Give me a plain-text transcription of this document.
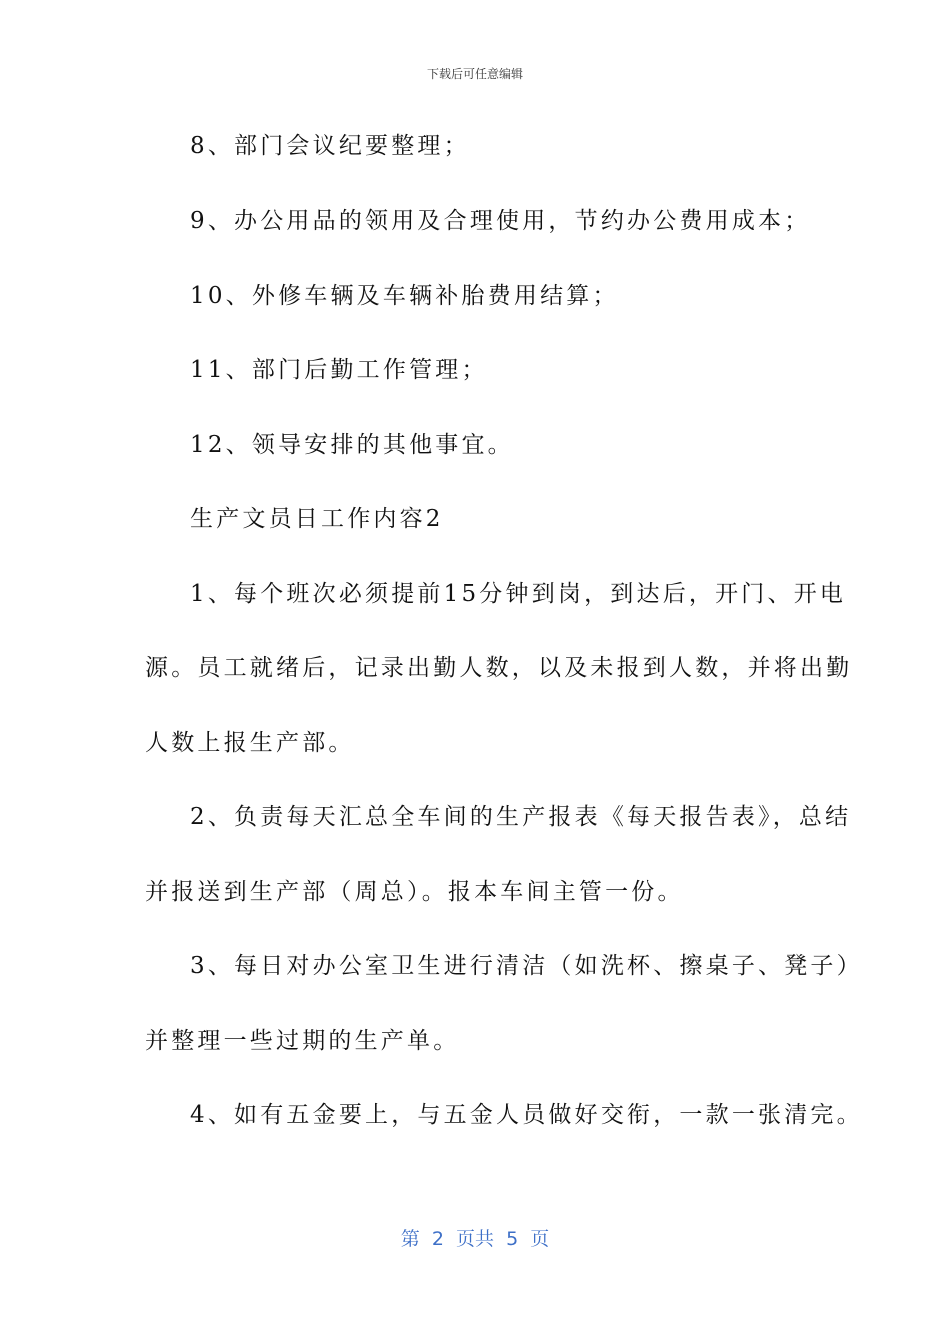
下载后可任意编辑
8、部门会议纪要整理；
9、办公用品的领用及合理使用，节约办公费用成本；
10、外修车辆及车辆补胎费用结算；
11、部门后勤工作管理；
12、领导安排的其他事宜。
生产文员日工作内容2
1、每个班次必须提前15分钟到岗，到达后，开门、开电
源。员工就绪后，记录出勤人数，以及未报到人数，并将出勤
人数上报生产部。
2、负责每天汇总全车间的生产报表《每天报告表》，总结
并报送到生产部（周总）。报本车间主管一份。
3、每日对办公室卫生进行清洁（如洗杯、擦桌子、凳子）
并整理一些过期的生产单。
4、如有五金要上，与五金人员做好交衔，一款一张清完。
第  2  页共  5  页
